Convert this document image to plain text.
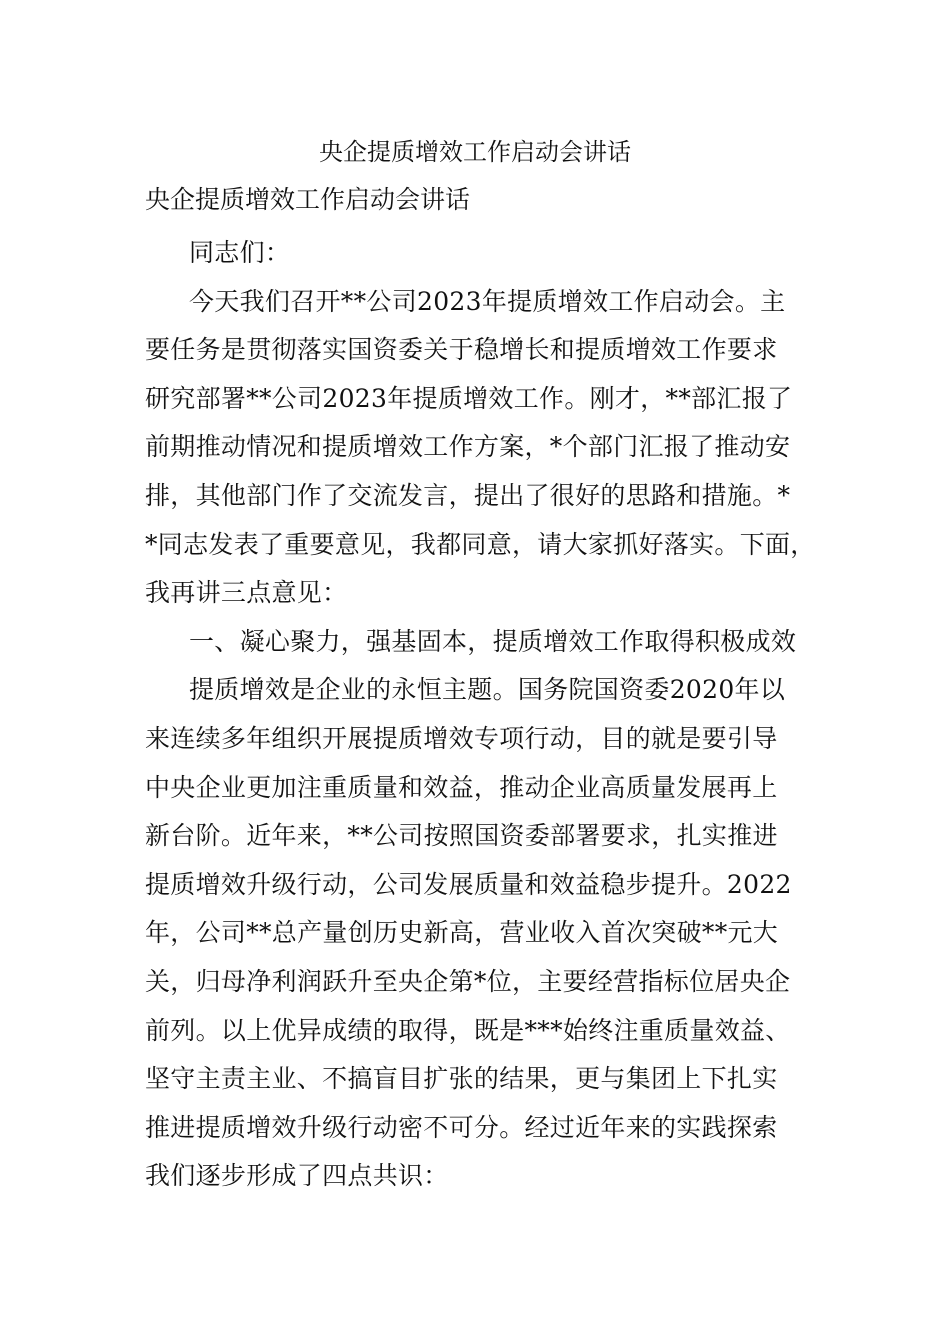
央企提质增效工作启动会讲话
央企提质增效工作启动会讲话
同志们：
今天我们召开**公司2023年提质增效工作启动会。主
要任务是贯彻落实国资委关于稳增长和提质增效工作要求
研究部署**公司2023年提质增效工作。刚才，**部汇报了
前期推动情况和提质增效工作方案，*个部门汇报了推动安
排，其他部门作了交流发言，提出了很好的思路和措施。*
*同志发表了重要意见，我都同意，请大家抓好落实。下面，
我再讲三点意见：
一、凝心聚力，强基固本，提质增效工作取得积极成效
提质增效是企业的永恒主题。国务院国资委2020年以
来连续多年组织开展提质增效专项行动，目的就是要引导
中央企业更加注重质量和效益，推动企业高质量发展再上
新台阶。近年来，**公司按照国资委部署要求，扎实推进
提质增效升级行动，公司发展质量和效益稳步提升。2022
年，公司**总产量创历史新高，营业收入首次突破**元大
关，归母净利润跃升至央企第*位，主要经营指标位居央企
前列。以上优异成绩的取得，既是***始终注重质量效益、
坚守主责主业、不搞盲目扩张的结果，更与集团上下扎实
推进提质增效升级行动密不可分。经过近年来的实践探索
我们逐步形成了四点共识：
